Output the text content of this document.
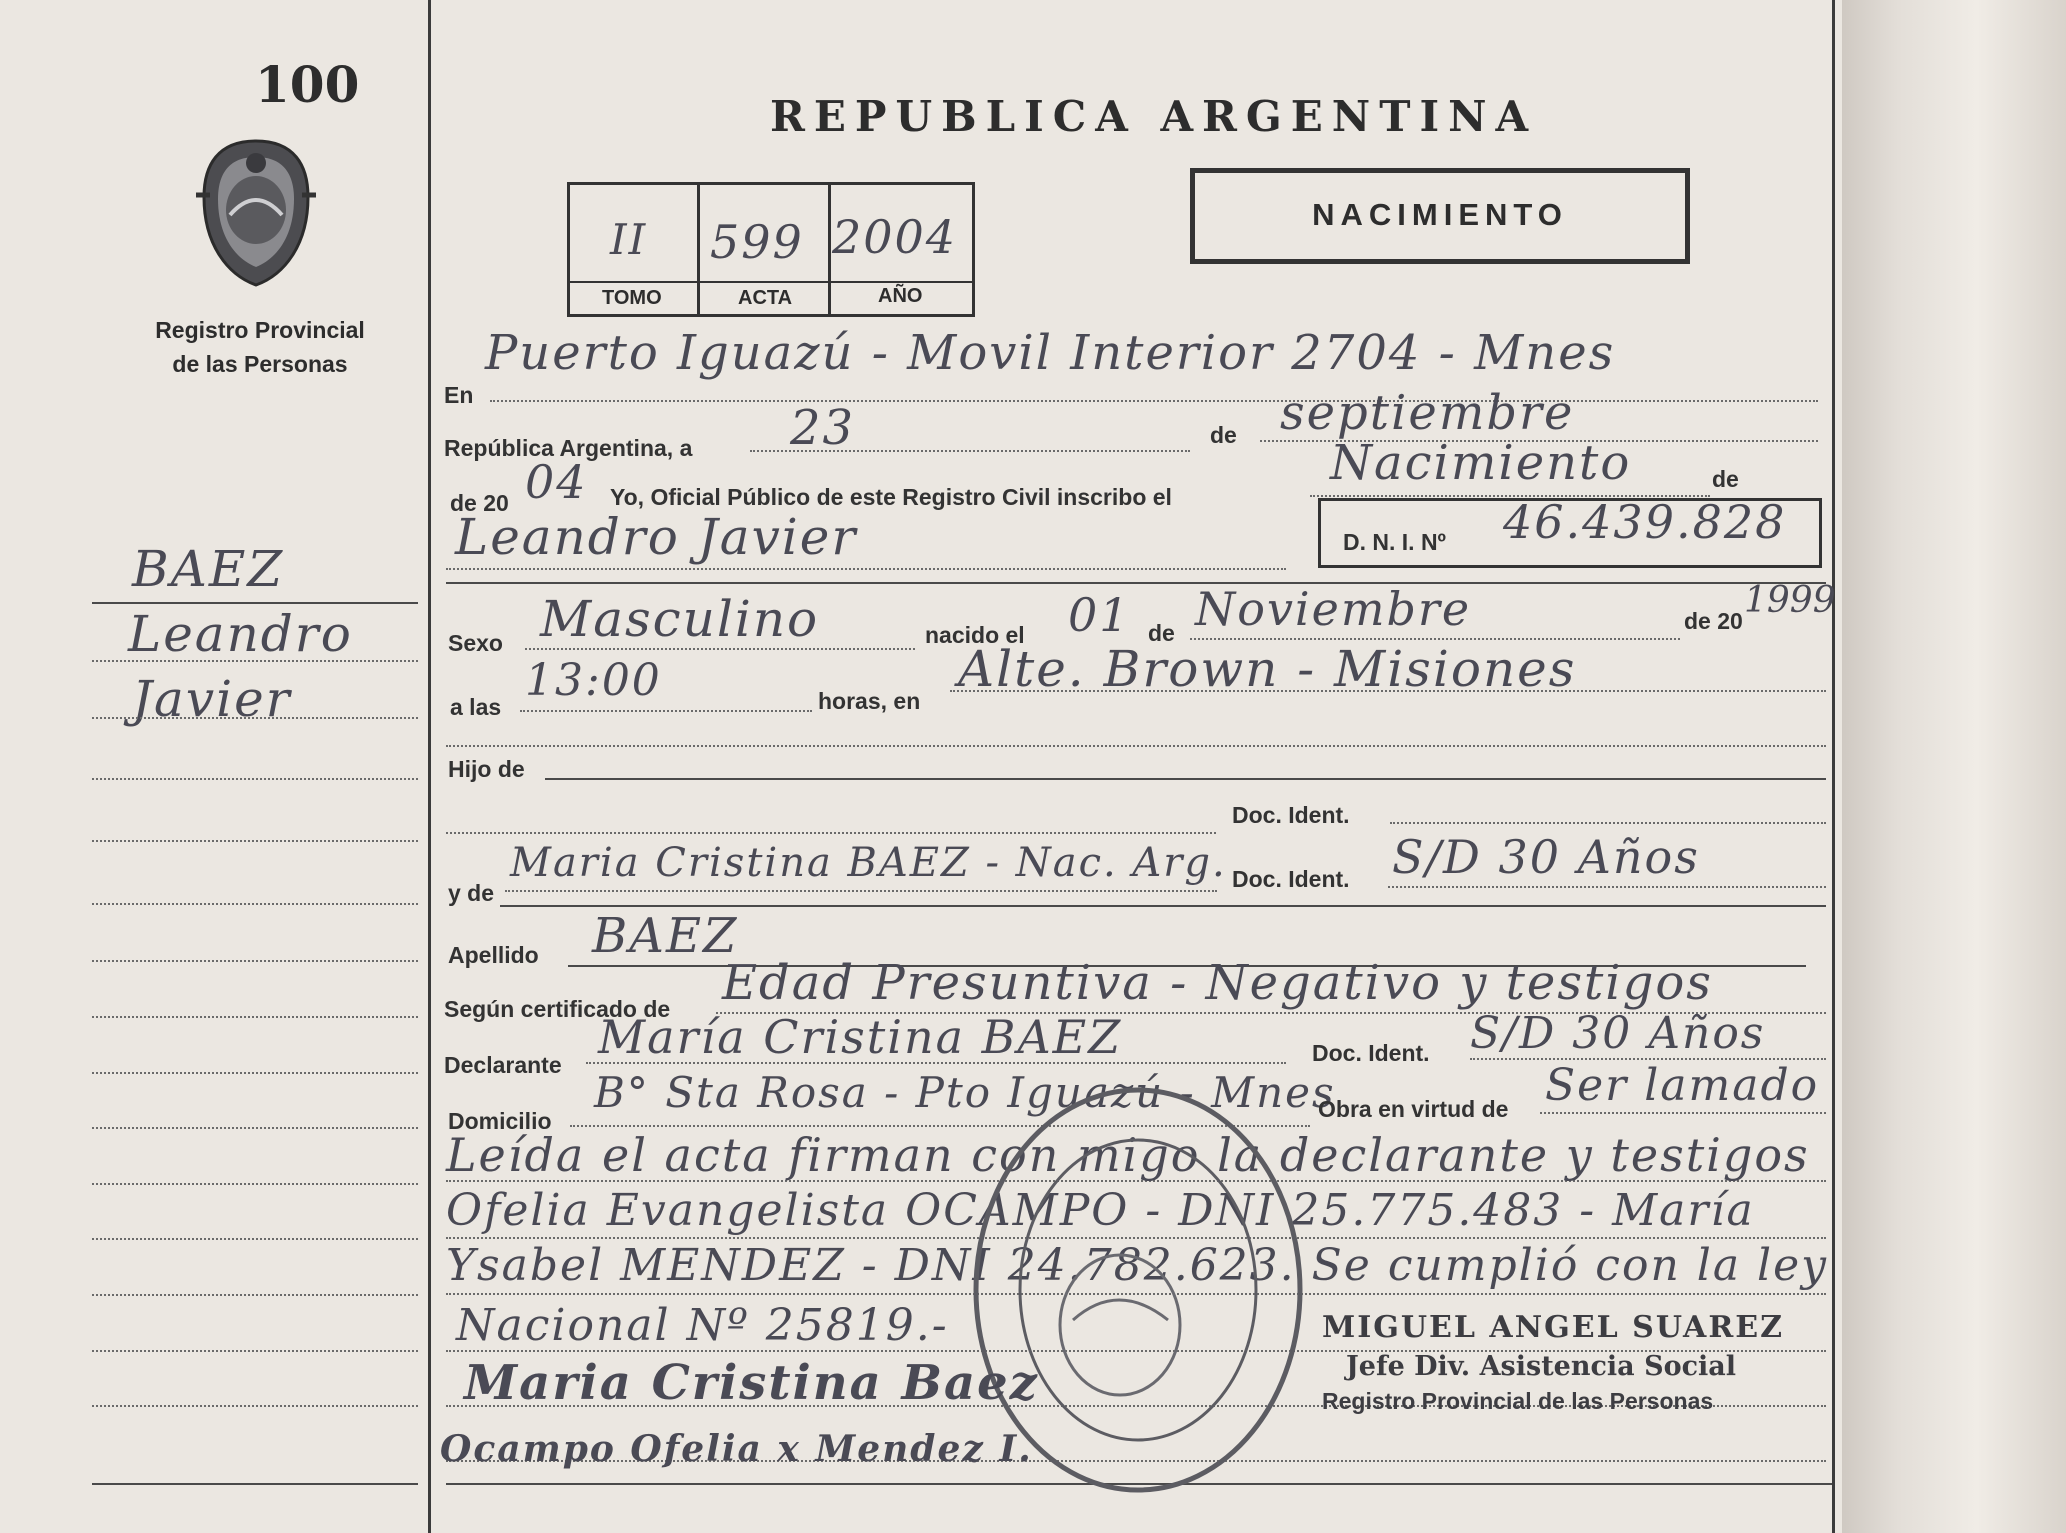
100
Registro Provincial de las Personas
REPUBLICA ARGENTINA
II
TOMO
599
ACTA
2004
AÑO
NACIMIENTO
BAEZ
Leandro
Javier
En
Puerto Iguazú - Movil Interior 2704 - Mnes
República Argentina, a 23	de septiembre
de 20 04 Yo, Oficial Público de este Registro Civil inscribo el
Nacimiento	de
Leandro Javier	D. N. I. Nº 46.439.828
Sexo Masculino	nacido el 01 de Noviembre	de 20 1999
a las
13:00	horas, en
Alte. Brown - Misiones
Hijo de
Doc. Ident.
y de
Maria Cristina BAEZ - Nac. Arg. Doc. Ident. S/D 30 Años
Apellido BAEZ
Según certificado de Edad Presuntiva - Negativo y testigos
Declarante
María Cristina BAEZ	Doc. Ident. S/D 30 Años
Domicilio
B° Sta Rosa - Pto Iguazú - Mnes
Obra en virtud de Ser lamado
Leída el acta firman con migo la declarante y testigos
Ofelia Evangelista OCAMPO - DNI 25.775.483 - María
Ysabel MENDEZ - DNI 24.782.623. Se cumplió con la ley
Nacional Nº 25819.-
Maria Cristina Baez
Ocampo Ofelia x Mendez I.
MIGUEL ANGEL SUAREZ
Jefe Div. Asistencia Social
Registro Provincial de las Personas
